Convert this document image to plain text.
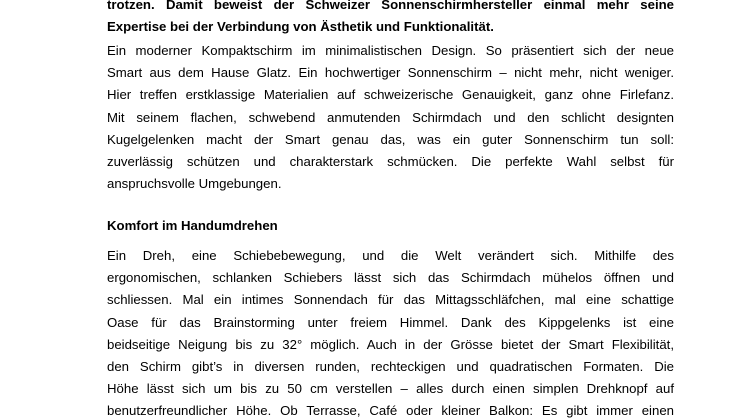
trotzen. Damit beweist der Schweizer Sonnenschirmhersteller einmal mehr seine
Expertise bei der Verbindung von Ästhetik und Funktionalität.
Ein moderner Kompaktschirm im minimalistischen Design. So präsentiert sich der neue
Smart aus dem Hause Glatz. Ein hochwertiger Sonnenschirm – nicht mehr, nicht weniger.
Hier treffen erstklassige Materialien auf schweizerische Genauigkeit, ganz ohne Firlefanz.
Mit seinem flachen, schwebend anmutenden Schirmdach und den schlicht designten
Kugelgelenken macht der Smart genau das, was ein guter Sonnenschirm tun soll:
zuverlässig schützen und charakterstark schmücken. Die perfekte Wahl selbst für
anspruchsvolle Umgebungen.
Komfort im Handumdrehen
Ein Dreh, eine Schiebebewegung, und die Welt verändert sich. Mithilfe des
ergonomischen, schlanken Schiebers lässt sich das Schirmdach mühelos öffnen und
schliessen. Mal ein intimes Sonnendach für das Mittagsschläfchen, mal eine schattige
Oase für das Brainstorming unter freiem Himmel. Dank des Kippgelenks ist eine
beidseitige Neigung bis zu 32° möglich. Auch in der Grösse bietet der Smart Flexibilität,
den Schirm gibt’s in diversen runden, rechteckigen und quadratischen Formaten. Die
Höhe lässt sich um bis zu 50 cm verstellen – alles durch einen simplen Drehknopf auf
benutzerfreundlicher Höhe. Ob Terrasse, Café oder kleiner Balkon: Es gibt immer einen
